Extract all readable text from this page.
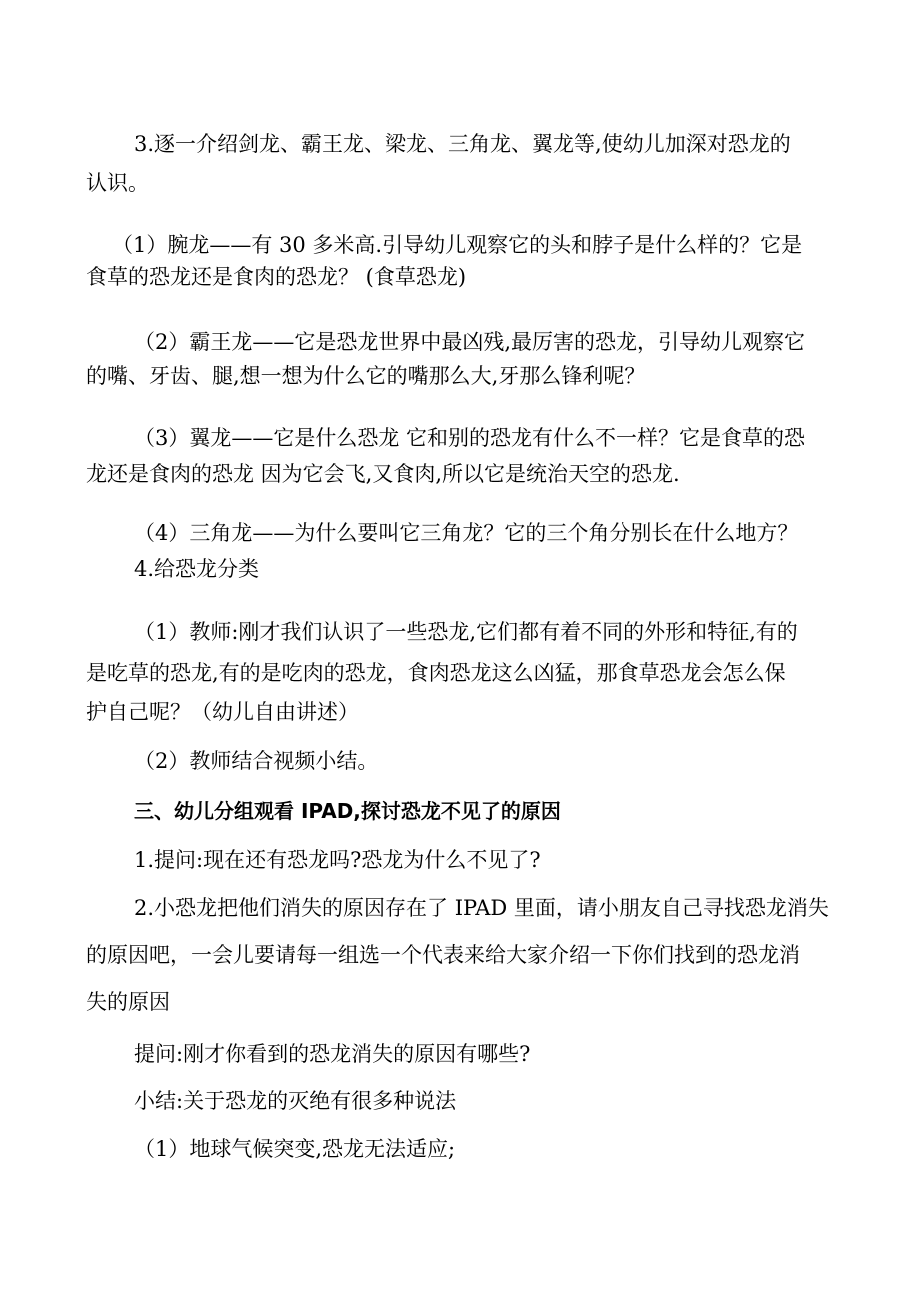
3.逐一介绍剑龙、霸王龙、梁龙、三角龙、翼龙等,使幼儿加深对恐龙的
认识。
（1）腕龙——有 30 多米高.引导幼儿观察它的头和脖子是什么样的？它是
食草的恐龙还是食肉的恐龙？ (食草恐龙)
（2）霸王龙——它是恐龙世界中最凶残,最厉害的恐龙，引导幼儿观察它
的嘴、牙齿、腿,想一想为什么它的嘴那么大,牙那么锋利呢？
（3）翼龙——它是什么恐龙 它和别的恐龙有什么不一样？它是食草的恐
龙还是食肉的恐龙 因为它会飞,又食肉,所以它是统治天空的恐龙.
（4）三角龙——为什么要叫它三角龙？它的三个角分别长在什么地方？
4.给恐龙分类
（1）教师:刚才我们认识了一些恐龙,它们都有着不同的外形和特征,有的
是吃草的恐龙,有的是吃肉的恐龙，食肉恐龙这么凶猛，那食草恐龙会怎么保
护自己呢？（幼儿自由讲述）
（2）教师结合视频小结。
三、幼儿分组观看 IPAD,探讨恐龙不见了的原因
1.提问:现在还有恐龙吗?恐龙为什么不见了?
2.小恐龙把他们消失的原因存在了 IPAD 里面，请小朋友自己寻找恐龙消失
的原因吧，一会儿要请每一组选一个代表来给大家介绍一下你们找到的恐龙消
失的原因
提问:刚才你看到的恐龙消失的原因有哪些?
小结:关于恐龙的灭绝有很多种说法
（1）地球气候突变,恐龙无法适应;
